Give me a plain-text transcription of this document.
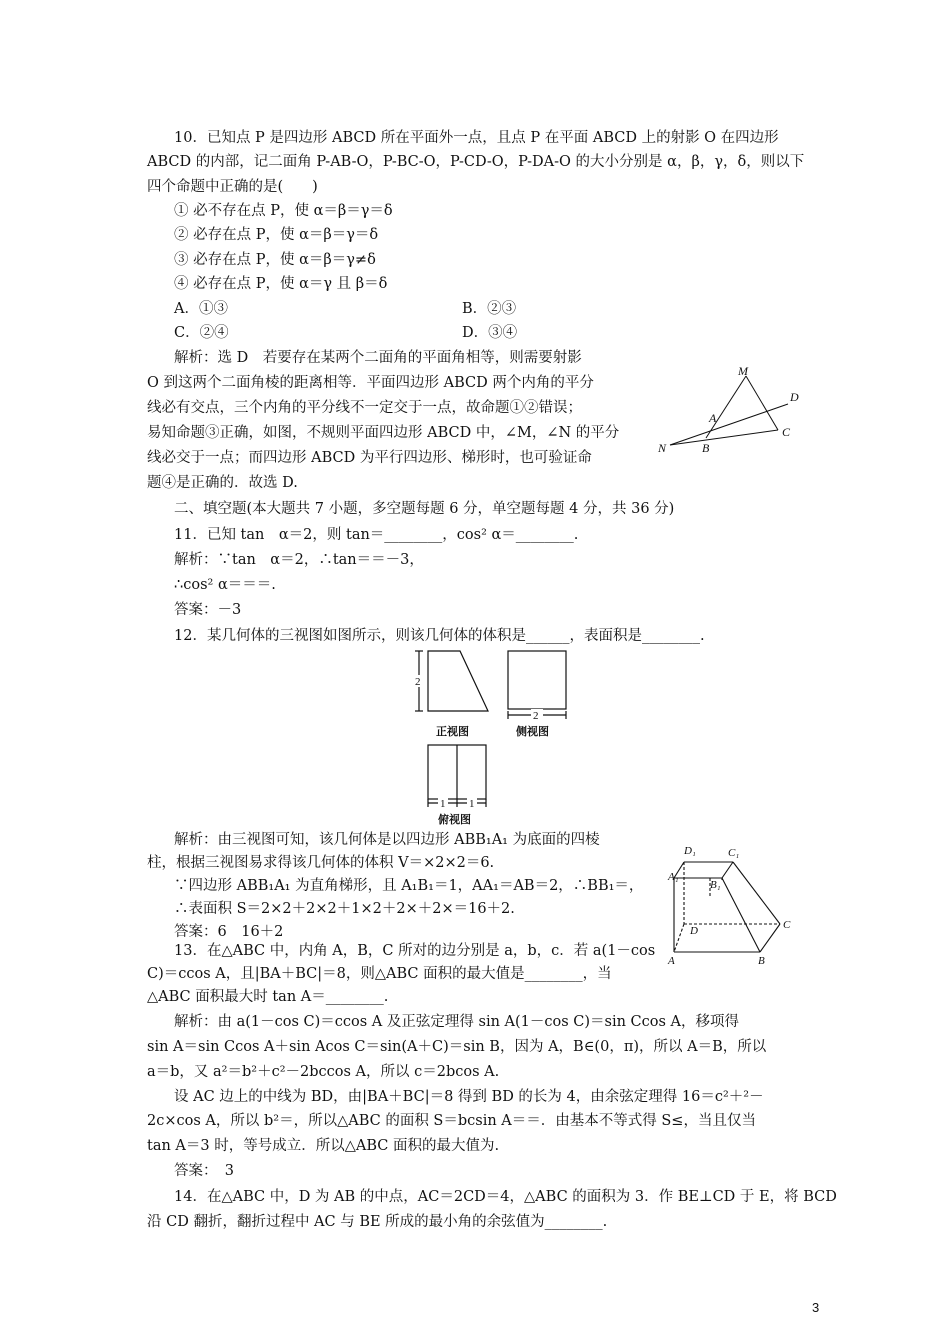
10．已知点 P 是四边形 ABCD 所在平面外一点，且点 P 在平面 ABCD 上的射影 O 在四边形
ABCD 的内部，记二面角 P-AB-O，P-BC-O，P-CD-O，P-DA-O 的大小分别是 α，β，γ，δ，则以下
四个命题中正确的是(　　)
① 必不存在点 P，使 α＝β＝γ＝δ
② 必存在点 P，使 α＝β＝γ＝δ
③ 必存在点 P，使 α＝β＝γ≠δ
④ 必存在点 P，使 α＝γ 且 β＝δ
A．①③	B．②③
C．②④	D．③④
解析：选 D　若要存在某两个二面角的平面角相等，则需要射影
O 到这两个二面角棱的距离相等．平面四边形 ABCD 两个内角的平分
线必有交点，三个内角的平分线不一定交于一点，故命题①②错误；
易知命题③正确，如图，不规则平面四边形 ABCD 中，∠M，∠N 的平分
线必交于一点；而四边形 ABCD 为平行四边形、梯形时，也可验证命
题④是正确的．故选 D.
M
D
A
C
N	B
二、填空题(本大题共 7 小题，多空题每题 6 分，单空题每题 4 分，共 36 分)
11．已知 tan　α＝2，则 tan＝________，cos² α＝________.
解析：∵tan　α＝2，∴tan＝＝－3，
∴cos² α＝＝＝.
答案：－3
12．某几何体的三视图如图所示，则该几何体的体积是______，表面积是________.
2
2
正视图	侧视图
1 1
俯视图
解析：由三视图可知，该几何体是以四边形 ABB₁A₁ 为底面的四棱
柱，根据三视图易求得该几何体的体积 V＝×2×2＝6.
∵四边形 ABB₁A₁ 为直角梯形，且 A₁B₁＝1，AA₁＝AB＝2，∴BB₁＝，
∴表面积 S＝2×2＋2×2＋1×2＋2×＋2×＝16＋2.
答案：6　16＋2
D₁	C₁
A₁
B₁
D	C
A	B
13．在△ABC 中，内角 A，B，C 所对的边分别是 a，b，c．若 a(1－cos
C)＝ccos A，且|BA＋BC|＝8，则△ABC 面积的最大值是________，当
△ABC 面积最大时 tan A＝________.
解析：由 a(1－cos C)＝ccos A 及正弦定理得 sin A(1－cos C)＝sin Ccos A，移项得
sin A＝sin Ccos A＋sin Acos C＝sin(A＋C)＝sin B，因为 A，B∈(0，π)，所以 A＝B，所以
a＝b，又 a²＝b²＋c²－2bccos A，所以 c＝2bcos A.
设 AC 边上的中线为 BD，由|BA＋BC|＝8 得到 BD 的长为 4，由余弦定理得 16＝c²＋²－
2c×cos A，所以 b²＝，所以△ABC 的面积 S＝bcsin A＝＝．由基本不等式得 S≤，当且仅当
tan A＝3 时，等号成立．所以△ABC 面积的最大值为.
答案：　3
14．在△ABC 中，D 为 AB 的中点，AC＝2CD＝4，△ABC 的面积为 3．作 BE⊥CD 于 E，将 BCD
沿 CD 翻折，翻折过程中 AC 与 BE 所成的最小角的余弦值为________.
3
